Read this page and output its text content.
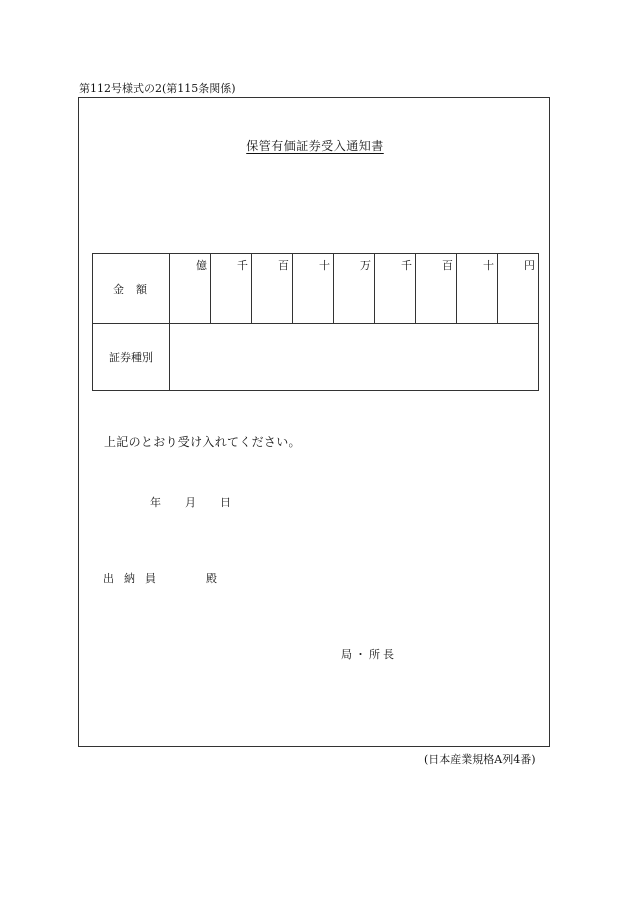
第112号様式の2(第115条関係)
保管有価証券受入通知書
金額	億	千	百	十	万	千	百	十	円
証券種別									
上記のとおり受け入れてください。
年 月 日
出納員	殿
局・所長
(日本産業規格A列4番)
